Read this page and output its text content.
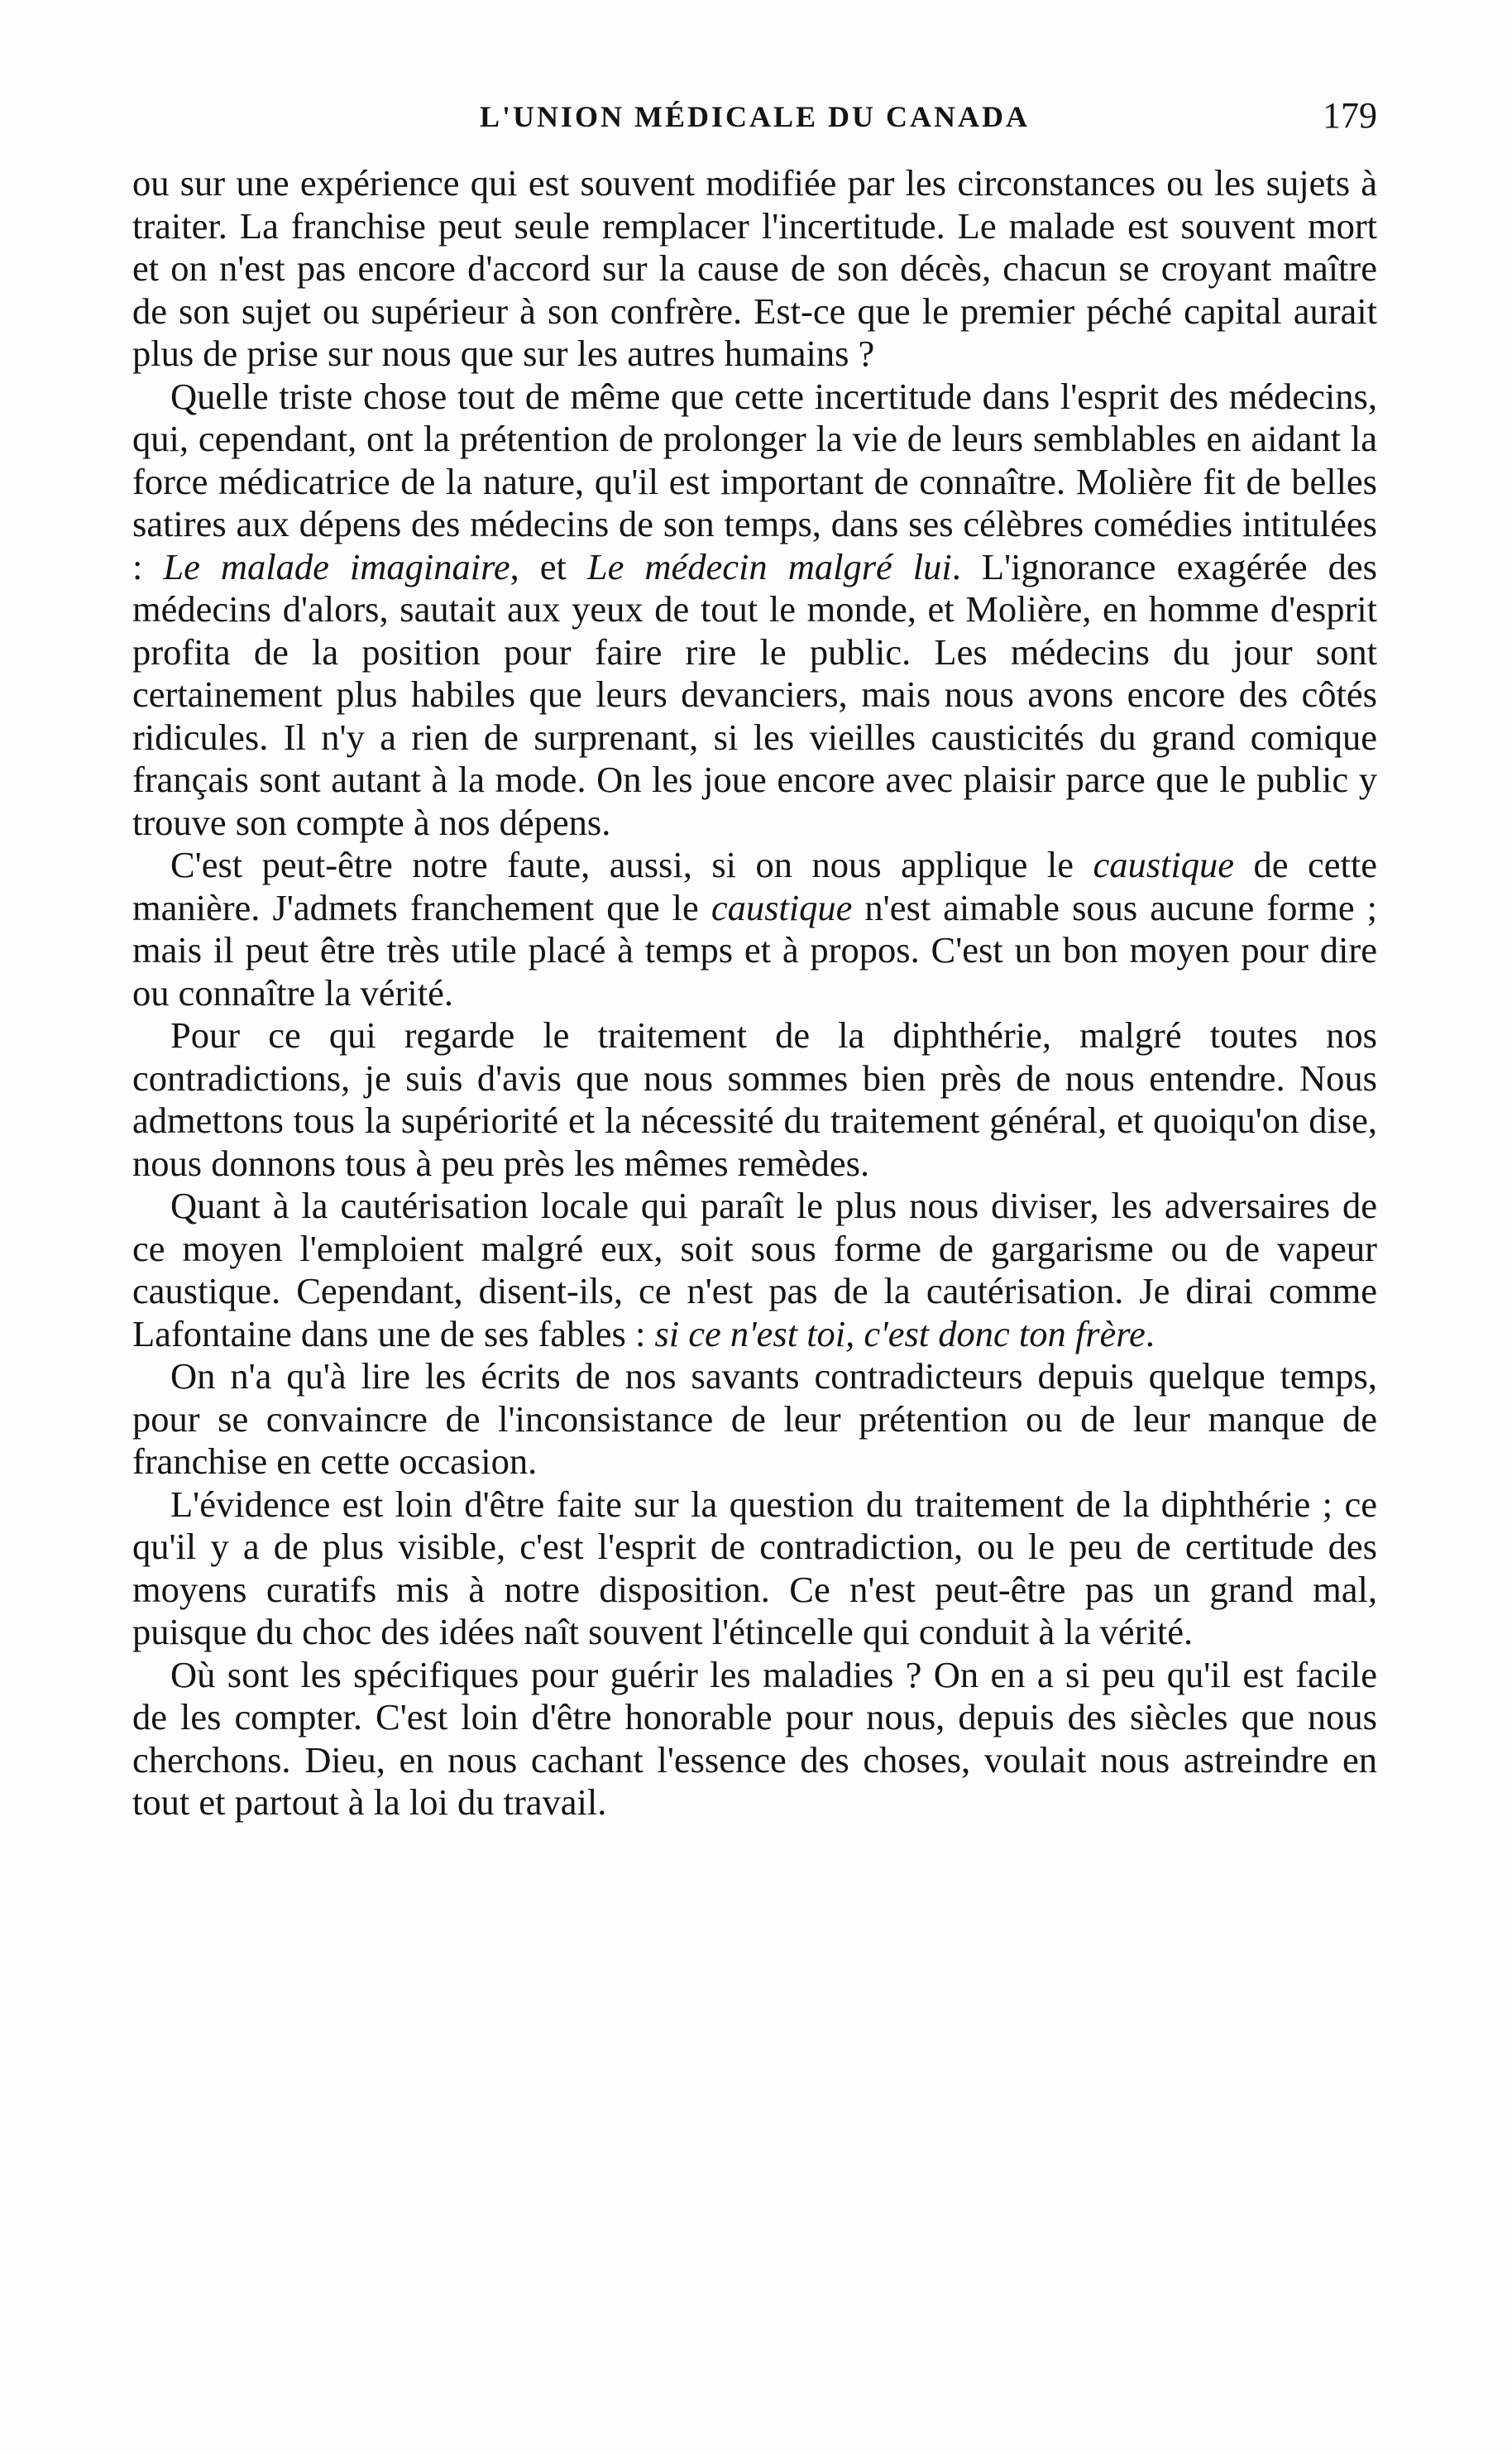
L'UNION MÉDICALE DU CANADA	179

ou sur une expérience qui est souvent modifiée par les circonstances ou les sujets à traiter. La franchise peut seule remplacer l'incertitude. Le malade est souvent mort et on n'est pas encore d'accord sur la cause de son décès, chacun se croyant maître de son sujet ou supérieur à son confrère. Est-ce que le premier péché capital aurait plus de prise sur nous que sur les autres humains ?

Quelle triste chose tout de même que cette incertitude dans l'esprit des médecins, qui, cependant, ont la prétention de prolonger la vie de leurs semblables en aidant la force médicatrice de la nature, qu'il est important de connaître. Molière fit de belles satires aux dépens des médecins de son temps, dans ses célèbres comédies intitulées : Le malade imaginaire, et Le médecin malgré lui. L'ignorance exagérée des médecins d'alors, sautait aux yeux de tout le monde, et Molière, en homme d'esprit profita de la position pour faire rire le public. Les médecins du jour sont certainement plus habiles que leurs devanciers, mais nous avons encore des côtés ridicules. Il n'y a rien de surprenant, si les vieilles causticités du grand comique français sont autant à la mode. On les joue encore avec plaisir parce que le public y trouve son compte à nos dépens.

C'est peut-être notre faute, aussi, si on nous applique le caustique de cette manière. J'admets franchement que le caustique n'est aimable sous aucune forme ; mais il peut être très utile placé à temps et à propos. C'est un bon moyen pour dire ou connaître la vérité.

Pour ce qui regarde le traitement de la diphthérie, malgré toutes nos contradictions, je suis d'avis que nous sommes bien près de nous entendre. Nous admettons tous la supériorité et la nécessité du traitement général, et quoiqu'on dise, nous donnons tous à peu près les mêmes remèdes.

Quant à la cautérisation locale qui paraît le plus nous diviser, les adversaires de ce moyen l'emploient malgré eux, soit sous forme de gargarisme ou de vapeur caustique. Cependant, disent-ils, ce n'est pas de la cautérisation. Je dirai comme Lafontaine dans une de ses fables : si ce n'est toi, c'est donc ton frère.

On n'a qu'à lire les écrits de nos savants contradicteurs depuis quelque temps, pour se convaincre de l'inconsistance de leur prétention ou de leur manque de franchise en cette occasion.

L'évidence est loin d'être faite sur la question du traitement de la diphthérie ; ce qu'il y a de plus visible, c'est l'esprit de contradiction, ou le peu de certitude des moyens curatifs mis à notre disposition. Ce n'est peut-être pas un grand mal, puisque du choc des idées naît souvent l'étincelle qui conduit à la vérité.

Où sont les spécifiques pour guérir les maladies ? On en a si peu qu'il est facile de les compter. C'est loin d'être honorable pour nous, depuis des siècles que nous cherchons. Dieu, en nous cachant l'essence des choses, voulait nous astreindre en tout et partout à la loi du travail.
